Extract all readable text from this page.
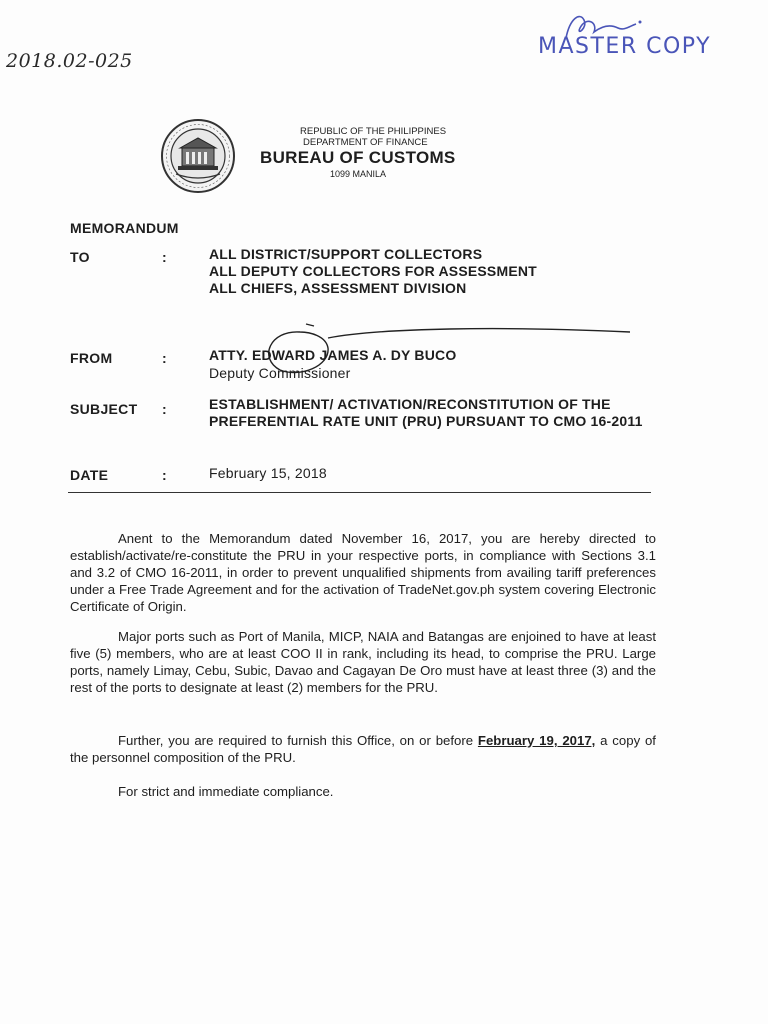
2018.02-025
MASTER COPY
REPUBLIC OF THE PHILIPPINES
DEPARTMENT OF FINANCE
BUREAU OF CUSTOMS
1099 MANILA
MEMORANDUM
TO	:	ALL DISTRICT/SUPPORT COLLECTORS
ALL DEPUTY COLLECTORS FOR ASSESSMENT
ALL CHIEFS, ASSESSMENT DIVISION
FROM	:	ATTY. EDWARD JAMES A. DY BUCO
Deputy Commissioner
SUBJECT :	ESTABLISHMENT/ ACTIVATION/RECONSTITUTION OF THE PREFERENTIAL RATE UNIT (PRU) PURSUANT TO CMO 16-2011
DATE	:	February 15, 2018
Anent to the Memorandum dated November 16, 2017, you are hereby directed to establish/activate/re-constitute the PRU in your respective ports, in compliance with Sections 3.1 and 3.2 of CMO 16-2011, in order to prevent unqualified shipments from availing tariff preferences under a Free Trade Agreement and for the activation of TradeNet.gov.ph system covering Electronic Certificate of Origin.
Major ports such as Port of Manila, MICP, NAIA and Batangas are enjoined to have at least five (5) members, who are at least COO II in rank, including its head, to comprise the PRU. Large ports, namely Limay, Cebu, Subic, Davao and Cagayan De Oro must have at least three (3) and the rest of the ports to designate at least (2) members for the PRU.
Further, you are required to furnish this Office, on or before February 19, 2017, a copy of the personnel composition of the PRU.
For strict and immediate compliance.
